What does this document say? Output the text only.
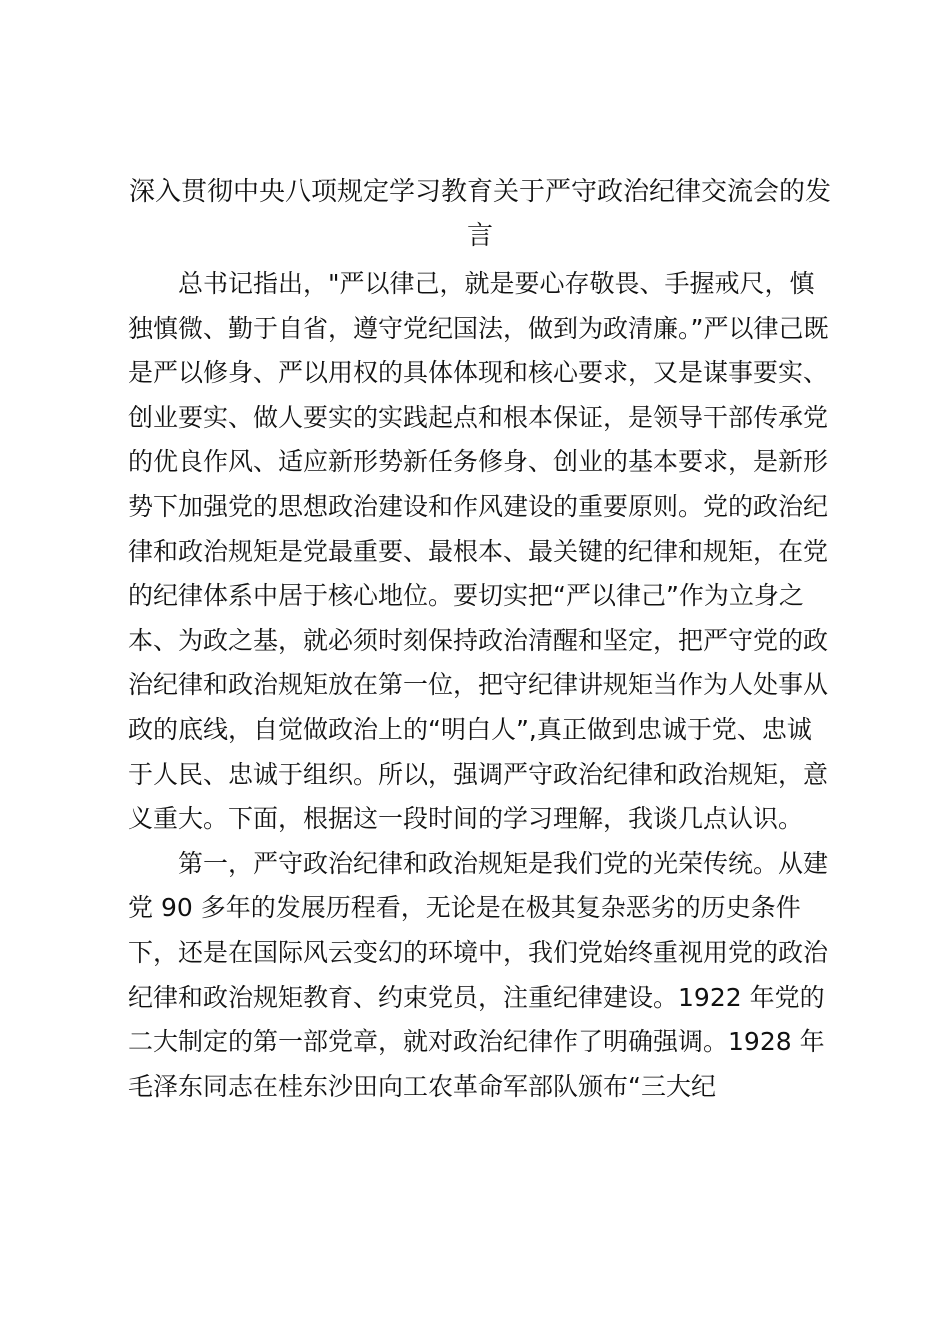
深入贯彻中央八项规定学习教育关于严守政治纪律交流会的发言

总书记指出，"严以律己，就是要心存敬畏、手握戒尺，慎独慎微、勤于自省，遵守党纪国法，做到为政清廉。”严以律己既是严以修身、严以用权的具体体现和核心要求，又是谋事要实、创业要实、做人要实的实践起点和根本保证，是领导干部传承党的优良作风、适应新形势新任务修身、创业的基本要求，是新形势下加强党的思想政治建设和作风建设的重要原则。党的政治纪律和政治规矩是党最重要、最根本、最关键的纪律和规矩，在党的纪律体系中居于核心地位。要切实把“严以律己”作为立身之本、为政之基，就必须时刻保持政治清醒和坚定，把严守党的政治纪律和政治规矩放在第一位，把守纪律讲规矩当作为人处事从政的底线，自觉做政治上的“明白人”,真正做到忠诚于党、忠诚于人民、忠诚于组织。所以，强调严守政治纪律和政治规矩，意义重大。下面，根据这一段时间的学习理解，我谈几点认识。

第一，严守政治纪律和政治规矩是我们党的光荣传统。从建党 90 多年的发展历程看，无论是在极其复杂恶劣的历史条件下，还是在国际风云变幻的环境中，我们党始终重视用党的政治纪律和政治规矩教育、约束党员，注重纪律建设。1922 年党的二大制定的第一部党章，就对政治纪律作了明确强调。1928 年毛泽东同志在桂东沙田向工农革命军部队颁布“三大纪
